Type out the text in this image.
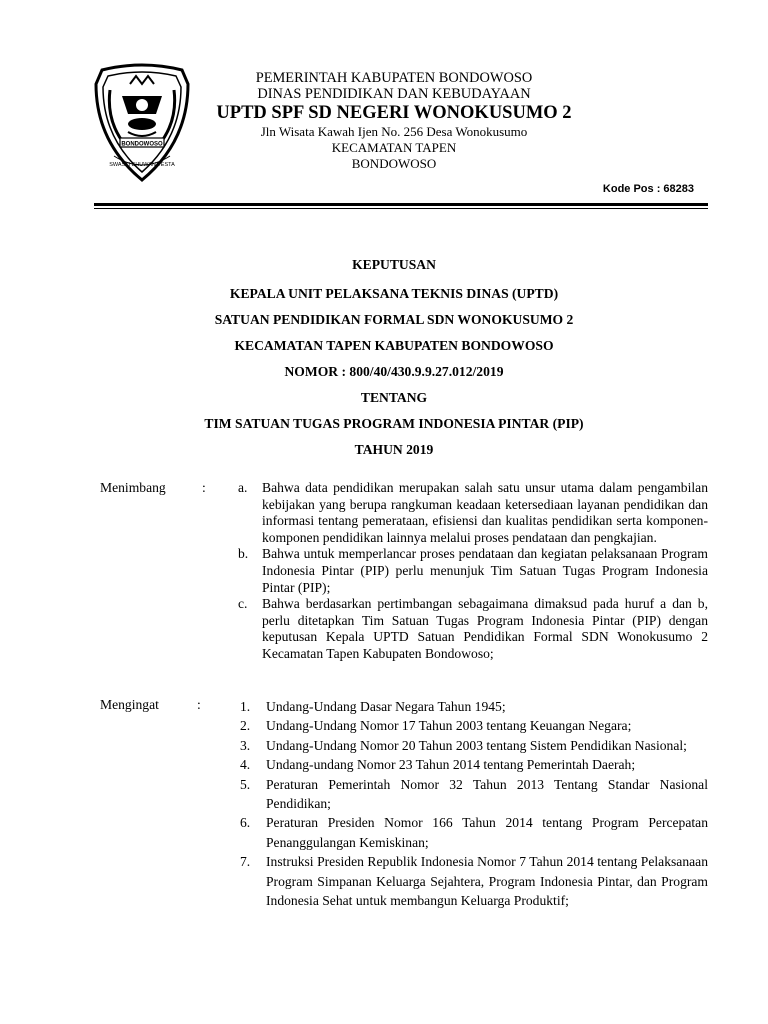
BONDOWOSO
SWASTI BHUWANA ESTA
PEMERINTAH KABUPATEN BONDOWOSO
DINAS PENDIDIKAN DAN KEBUDAYAAN
UPTD SPF SD NEGERI WONOKUSUMO 2
Jln Wisata Kawah Ijen No. 256 Desa Wonokusumo
KECAMATAN TAPEN
BONDOWOSO
Kode Pos : 68283
KEPUTUSAN
KEPALA UNIT PELAKSANA TEKNIS DINAS (UPTD)
SATUAN PENDIDIKAN FORMAL SDN WONOKUSUMO 2
KECAMATAN TAPEN KABUPATEN BONDOWOSO
NOMOR : 800/40/430.9.9.27.012/2019
TENTANG
TIM SATUAN TUGAS PROGRAM INDONESIA PINTAR (PIP)
TAHUN 2019
Menimbang	: a. Bahwa data pendidikan merupakan salah satu unsur utama dalam pengambilan kebijakan yang berupa rangkuman keadaan ketersediaan layanan pendidikan dan informasi tentang pemerataan, efisiensi dan kualitas pendidikan serta komponen-komponen pendidikan lainnya melalui proses pendataan dan pengkajian.
b. Bahwa untuk memperlancar proses pendataan dan kegiatan pelaksanaan Program Indonesia Pintar (PIP) perlu menunjuk Tim Satuan Tugas Program Indonesia Pintar (PIP);
c. Bahwa berdasarkan pertimbangan sebagaimana dimaksud pada huruf a dan b, perlu ditetapkan Tim Satuan Tugas Program Indonesia Pintar (PIP) dengan keputusan Kepala UPTD Satuan Pendidikan Formal SDN Wonokusumo 2 Kecamatan Tapen Kabupaten Bondowoso;
Mengingat	:	1. Undang-Undang Dasar Negara Tahun 1945;
2. Undang-Undang Nomor 17 Tahun 2003 tentang Keuangan Negara;
3. Undang-Undang Nomor 20 Tahun 2003 tentang Sistem Pendidikan Nasional;
4. Undang-undang Nomor 23 Tahun 2014 tentang Pemerintah Daerah;
5. Peraturan Pemerintah Nomor 32 Tahun 2013 Tentang Standar Nasional Pendidikan;
6. Peraturan Presiden Nomor 166 Tahun 2014 tentang Program Percepatan Penanggulangan Kemiskinan;
7. Instruksi Presiden Republik Indonesia Nomor 7 Tahun 2014 tentang Pelaksanaan Program Simpanan Keluarga Sejahtera, Program Indonesia Pintar, dan Program Indonesia Sehat untuk membangun Keluarga Produktif;
